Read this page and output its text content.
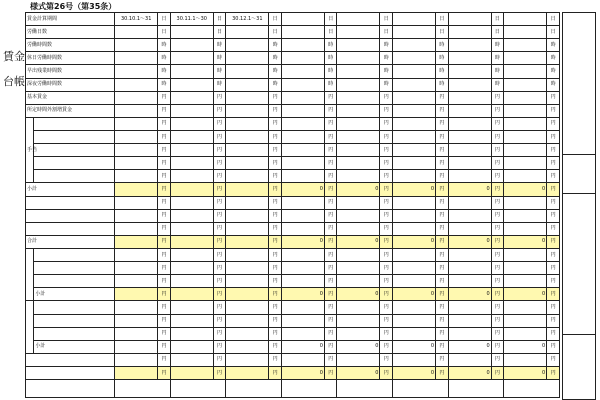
様式第26号（第35条）
賃金台帳
賃金計算期間		30.10.1〜31	日	30.11.1〜30	日	30.12.1〜31	日		日		日		日		日		日
労働日数			日		日		日		日		日		日		日		日
労働時間数			時		時		時		時		時		時		時		時
休日労働時間数			時		時		時		時		時		時		時		時
早出残業時間数			時		時		時		時		時		時		時		時
深夜労働時間数			時		時		時		時		時		時		時		時
基本賃金			円		円		円		円		円		円		円		円
所定時間外割増賃金			円		円		円		円		円		円		円		円
手当			円		円		円		円		円		円		円		円
			円		円		円		円		円		円		円		円
			円		円		円		円		円		円		円		円
			円		円		円		円		円		円		円		円
			円		円		円		円		円		円		円		円
小計			円		円		円	0	円	0	円	0	円	0	円	0	円
			円		円		円		円		円		円		円		円
			円		円		円		円		円		円		円		円
			円		円		円		円		円		円		円		円
合計			円		円		円	0	円	0	円	0	円	0	円	0	円
			円		円		円		円		円		円		円		円
			円		円		円		円		円		円		円		円
			円		円		円		円		円		円		円		円
	小計		円		円		円	0	円	0	円	0	円	0	円	0	円
			円		円		円		円		円		円		円		円
			円		円		円		円		円		円		円		円
			円		円		円		円		円		円		円		円
	小計		円		円		円	0	円	0	円	0	円	0	円	0	円
			円		円		円		円		円		円		円		円
			円		円		円	0	円	0	円	0	円	0	円	0	円
